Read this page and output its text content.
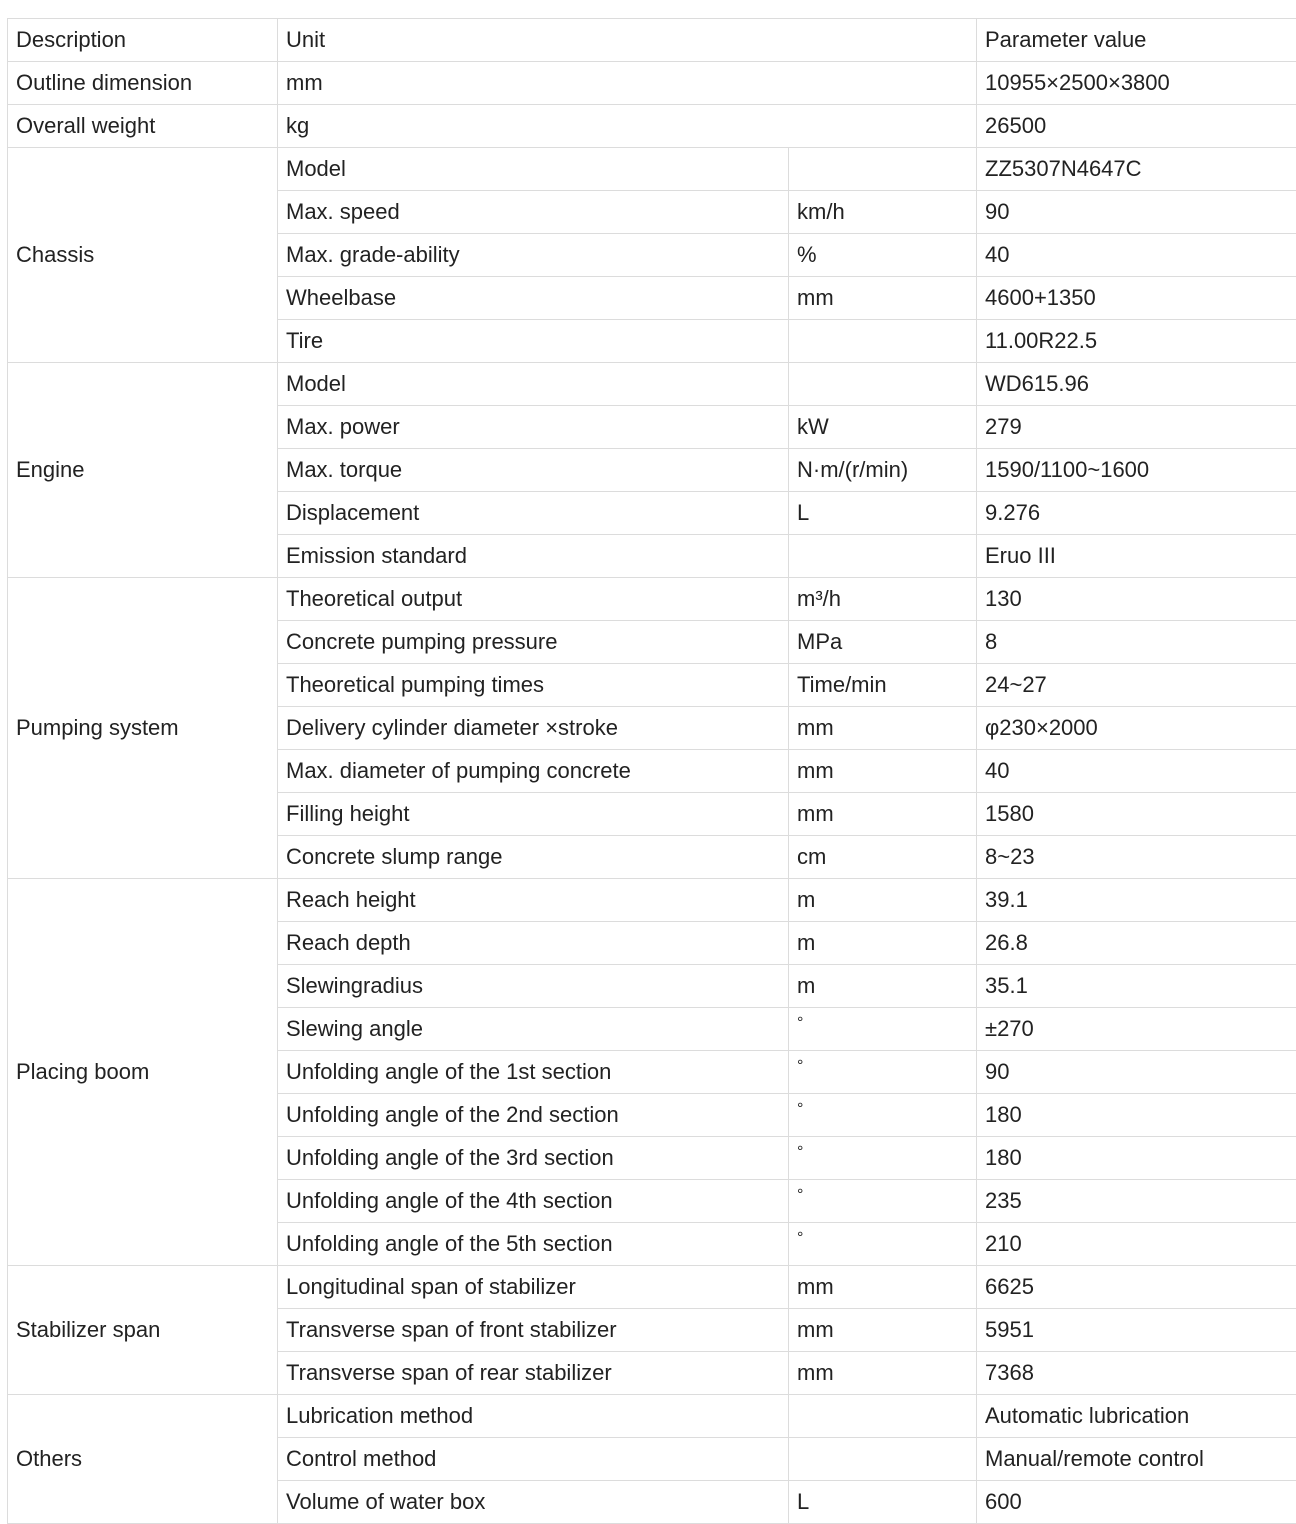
Description	Unit		Parameter value
Outline dimension	mm		10955×2500×3800
Overall weight	kg		26500
Chassis	Model		ZZ5307N4647C
	Max. speed	km/h	90
	Max. grade-ability	%	40
	Wheelbase	mm	4600+1350
	Tire		11.00R22.5
Engine	Model		WD615.96
	Max. power	kW	279
	Max. torque	N·m/(r/min)	1590/1100~1600
	Displacement	L	9.276
	Emission standard		Eruo III
Pumping system	Theoretical output	m³/h	130
	Concrete pumping pressure	MPa	8
	Theoretical pumping times	Time/min	24~27
	Delivery cylinder diameter ×stroke	mm	φ230×2000
	Max. diameter of pumping concrete	mm	40
	Filling height	mm	1580
	Concrete slump range	cm	8~23
Placing boom	Reach height	m	39.1
	Reach depth	m	26.8
	Slewingradius	m	35.1
	Slewing angle	°	±270
	Unfolding angle of the 1st section	°	90
	Unfolding angle of the 2nd section	°	180
	Unfolding angle of the 3rd section	°	180
	Unfolding angle of the 4th section	°	235
	Unfolding angle of the 5th section	°	210
Stabilizer span	Longitudinal span of stabilizer	mm	6625
	Transverse span of front stabilizer	mm	5951
	Transverse span of rear stabilizer	mm	7368
Others	Lubrication method		Automatic lubrication
	Control method		Manual/remote control
	Volume of water box	L	600
